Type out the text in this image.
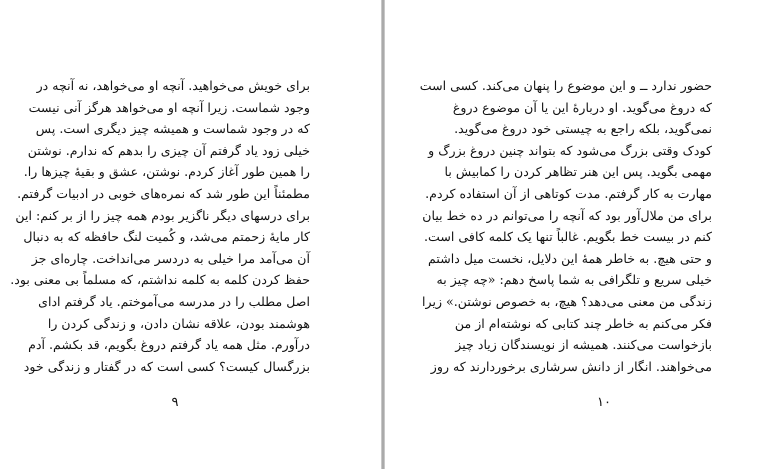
برای خویش می‌خواهید. آنچه او می‌خواهد، نه آنچه در
وجود شماست. زیرا آنچه او می‌خواهد هرگز آنی نیست
که در وجود شماست و همیشه چیز دیگری است. پس
خیلی زود یاد گرفتم آن چیزی را بدهم که ندارم. نوشتن
را همین طور آغاز کردم. نوشتن، عشق و بقیهٔ چیزها را.
مطمئناً این طور شد که نمره‌های خوبی در ادبیات گرفتم.
برای درسهای دیگر ناگزیر بودم همه چیز را از بر کنم: این
کار مایهٔ زحمتم می‌شد، و کُمیت لنگ حافظه که به دنبال
آن می‌آمد مرا خیلی به دردسر می‌انداخت. چاره‌ای جز
حفظ کردن کلمه به کلمه نداشتم، که مسلماً بی معنی بود.
اصل مطلب را در مدرسه می‌آموختم. یاد گرفتم ادای
هوشمند بودن، علاقه نشان دادن، و زندگی کردن را
درآورم. مثل همه یاد گرفتم دروغ بگویم، قد بکشم. آدم
بزرگسال کیست؟ کسی است که در گفتار و زندگی خود
۹
حضور ندارد ــ و این موضوع را پنهان می‌کند. کسی است
که دروغ می‌گوید. او دربارهٔ این یا آن موضوع دروغ
نمی‌گوید، بلکه راجع به چیستی خود دروغ می‌گوید.
کودک وقتی بزرگ می‌شود که بتواند چنین دروغ بزرگ و
مهمی بگوید. پس این هنر تظاهر کردن را کمابیش با
مهارت به کار گرفتم. مدت کوتاهی از آن استفاده کردم.
برای من ملال‌آور بود که آنچه را می‌توانم در ده خط بیان
کنم در بیست خط بگویم. غالباً تنها یک کلمه کافی است.
و حتی هیچ. به خاطر همهٔ این دلایل، نخست میل داشتم
خیلی سریع و تلگرافی به شما پاسخ دهم: «چه چیز به
زندگی من معنی می‌دهد؟ هیچ، به خصوص نوشتن.» زیرا
فکر می‌کنم به خاطر چند کتابی که نوشته‌ام از من
بازخواست می‌کنند. همیشه از نویسندگان زیاد چیز
می‌خواهند. انگار از دانش سرشاری برخوردارند که روز
۱۰
